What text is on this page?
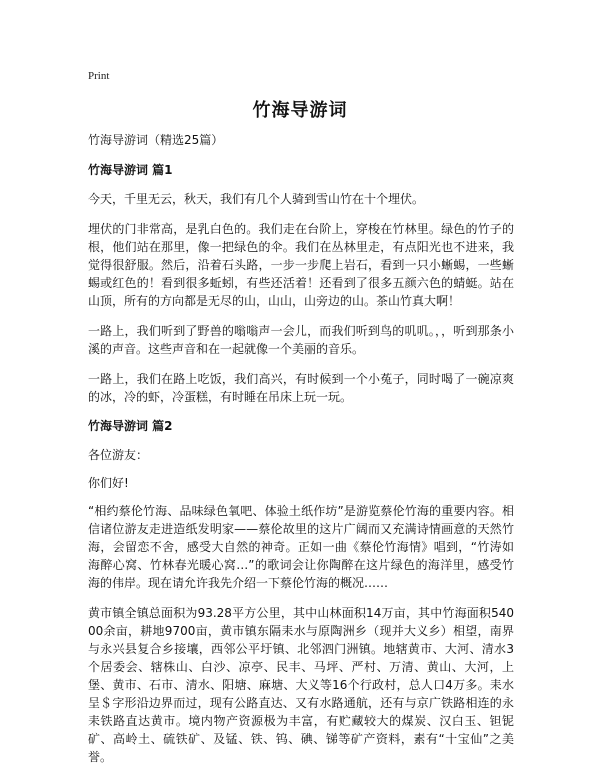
Print
竹海导游词
竹海导游词（精选25篇）
竹海导游词 篇1

今天，千里无云，秋天，我们有几个人骑到雪山竹在十个埋伏。

埋伏的门非常高，是乳白色的。我们走在台阶上，穿梭在竹林里。绿色的竹子的根，他们站在那里，像一把绿色的伞。我们在丛林里走，有点阳光也不进来，我觉得很舒服。然后，沿着石头路，一步一步爬上岩石，看到一只小蜥蜴，一些蜥蜴或红色的！看到很多蚯蚓，有些还活着！还看到了很多五颜六色的蜻蜓。站在山顶，所有的方向都是无尽的山，山山，山旁边的山。茶山竹真大啊！

一路上，我们听到了野兽的嗡嗡声一会儿，而我们听到鸟的叽叽。，，听到那条小溪的声音。这些声音和在一起就像一个美丽的音乐。

一路上，我们在路上吃饭，我们高兴，有时候到一个小菟子，同时喝了一碗凉爽的冰，冷的虾，冷蛋糕，有时睡在吊床上玩一玩。

竹海导游词 篇2

各位游友：

你们好!

“相约蔡伦竹海、品味绿色氧吧、体验土纸作坊”是游览蔡伦竹海的重要内容。相信诸位游友走进造纸发明家——蔡伦故里的这片广阔而又充满诗情画意的天然竹海，会留恋不舍，感受大自然的神奇。正如一曲《蔡伦竹海情》唱到，“竹涛如海醉心窝、竹林春光暖心窝…”的歌词会让你陶醉在这片绿色的海洋里，感受竹海的伟岸。现在请允许我先介绍一下蔡伦竹海的概况……

黄市镇全镇总面积为93.28平方公里，其中山林面积14万亩，其中竹海面积54000余亩，耕地9700亩，黄市镇东隔耒水与原陶洲乡（现并大义乡）相望，南界与永兴县复合乡接壤，西邻公平圩镇、北邻泗门洲镇。地辖黄市、大河、清水3个居委会、辖株山、白沙、凉亭、民丰、马坪、严村、万清、黄山、大河，上堡、黄市、石市、清水、阳塘、麻塘、大义等16个行政村，总人口4万多。耒水呈＄字形沿边界而过，现有公路直达、又有水路通航，还有与京广铁路相连的永耒铁路直达黄市。境内物产资源极为丰富，有贮藏较大的煤炭、汉白玉、钽铌矿、高岭土、硫铁矿、及锰、铁、钨、碘、锑等矿产资料，素有“十宝仙”之美誉。
